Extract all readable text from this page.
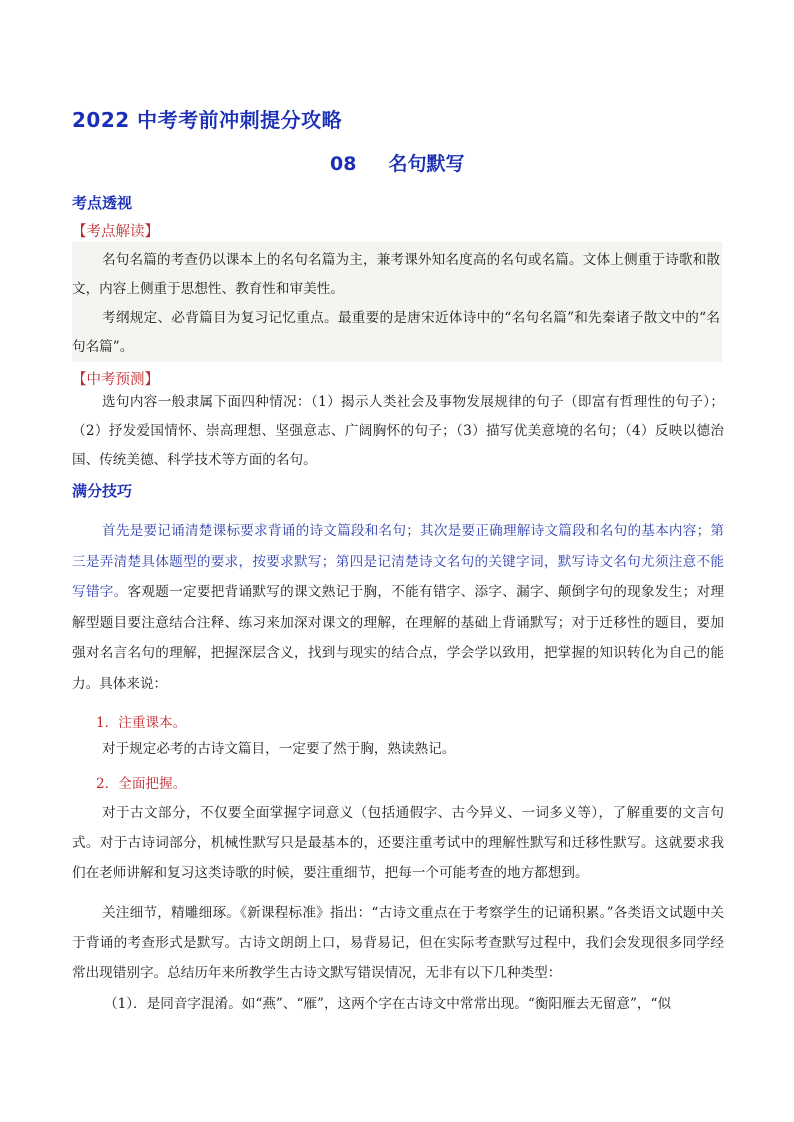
2022 中考考前冲刺提分攻略
08 名句默写
考点透视
【考点解读】
名句名篇的考查仍以课本上的名句名篇为主，兼考课外知名度高的名句或名篇。文体上侧重于诗歌和散文，内容上侧重于思想性、教育性和审美性。
考纲规定、必背篇目为复习记忆重点。最重要的是唐宋近体诗中的“名句名篇”和先秦诸子散文中的“名句名篇”。
【中考预测】
选句内容一般隶属下面四种情况：（1）揭示人类社会及事物发展规律的句子（即富有哲理性的句子）；（2）抒发爱国情怀、崇高理想、坚强意志、广阔胸怀的句子；（3）描写优美意境的名句；（4）反映以德治国、传统美德、科学技术等方面的名句。
满分技巧
首先是要记诵清楚课标要求背诵的诗文篇段和名句；其次是要正确理解诗文篇段和名句的基本内容；第三是弄清楚具体题型的要求，按要求默写；第四是记清楚诗文名句的关键字词，默写诗文名句尤须注意不能写错字。客观题一定要把背诵默写的课文熟记于胸，不能有错字、添字、漏字、颠倒字句的现象发生；对理解型题目要注意结合注释、练习来加深对课文的理解，在理解的基础上背诵默写；对于迁移性的题目，要加强对名言名句的理解，把握深层含义，找到与现实的结合点，学会学以致用，把掌握的知识转化为自己的能力。具体来说：
1．注重课本。
对于规定必考的古诗文篇目，一定要了然于胸，熟读熟记。
2．全面把握。
对于古文部分，不仅要全面掌握字词意义（包括通假字、古今异义、一词多义等），了解重要的文言句式。对于古诗词部分，机械性默写只是最基本的，还要注重考试中的理解性默写和迁移性默写。这就要求我们在老师讲解和复习这类诗歌的时候，要注重细节，把每一个可能考查的地方都想到。
关注细节，精雕细琢。《新课程标准》指出：“古诗文重点在于考察学生的记诵积累。”各类语文试题中关于背诵的考查形式是默写。古诗文朗朗上口，易背易记，但在实际考查默写过程中，我们会发现很多同学经常出现错别字。总结历年来所教学生古诗文默写错误情况，无非有以下几种类型：
（1）．是同音字混淆。如“燕”、“雁”，这两个字在古诗文中常常出现。“衡阳雁去无留意”，“似
